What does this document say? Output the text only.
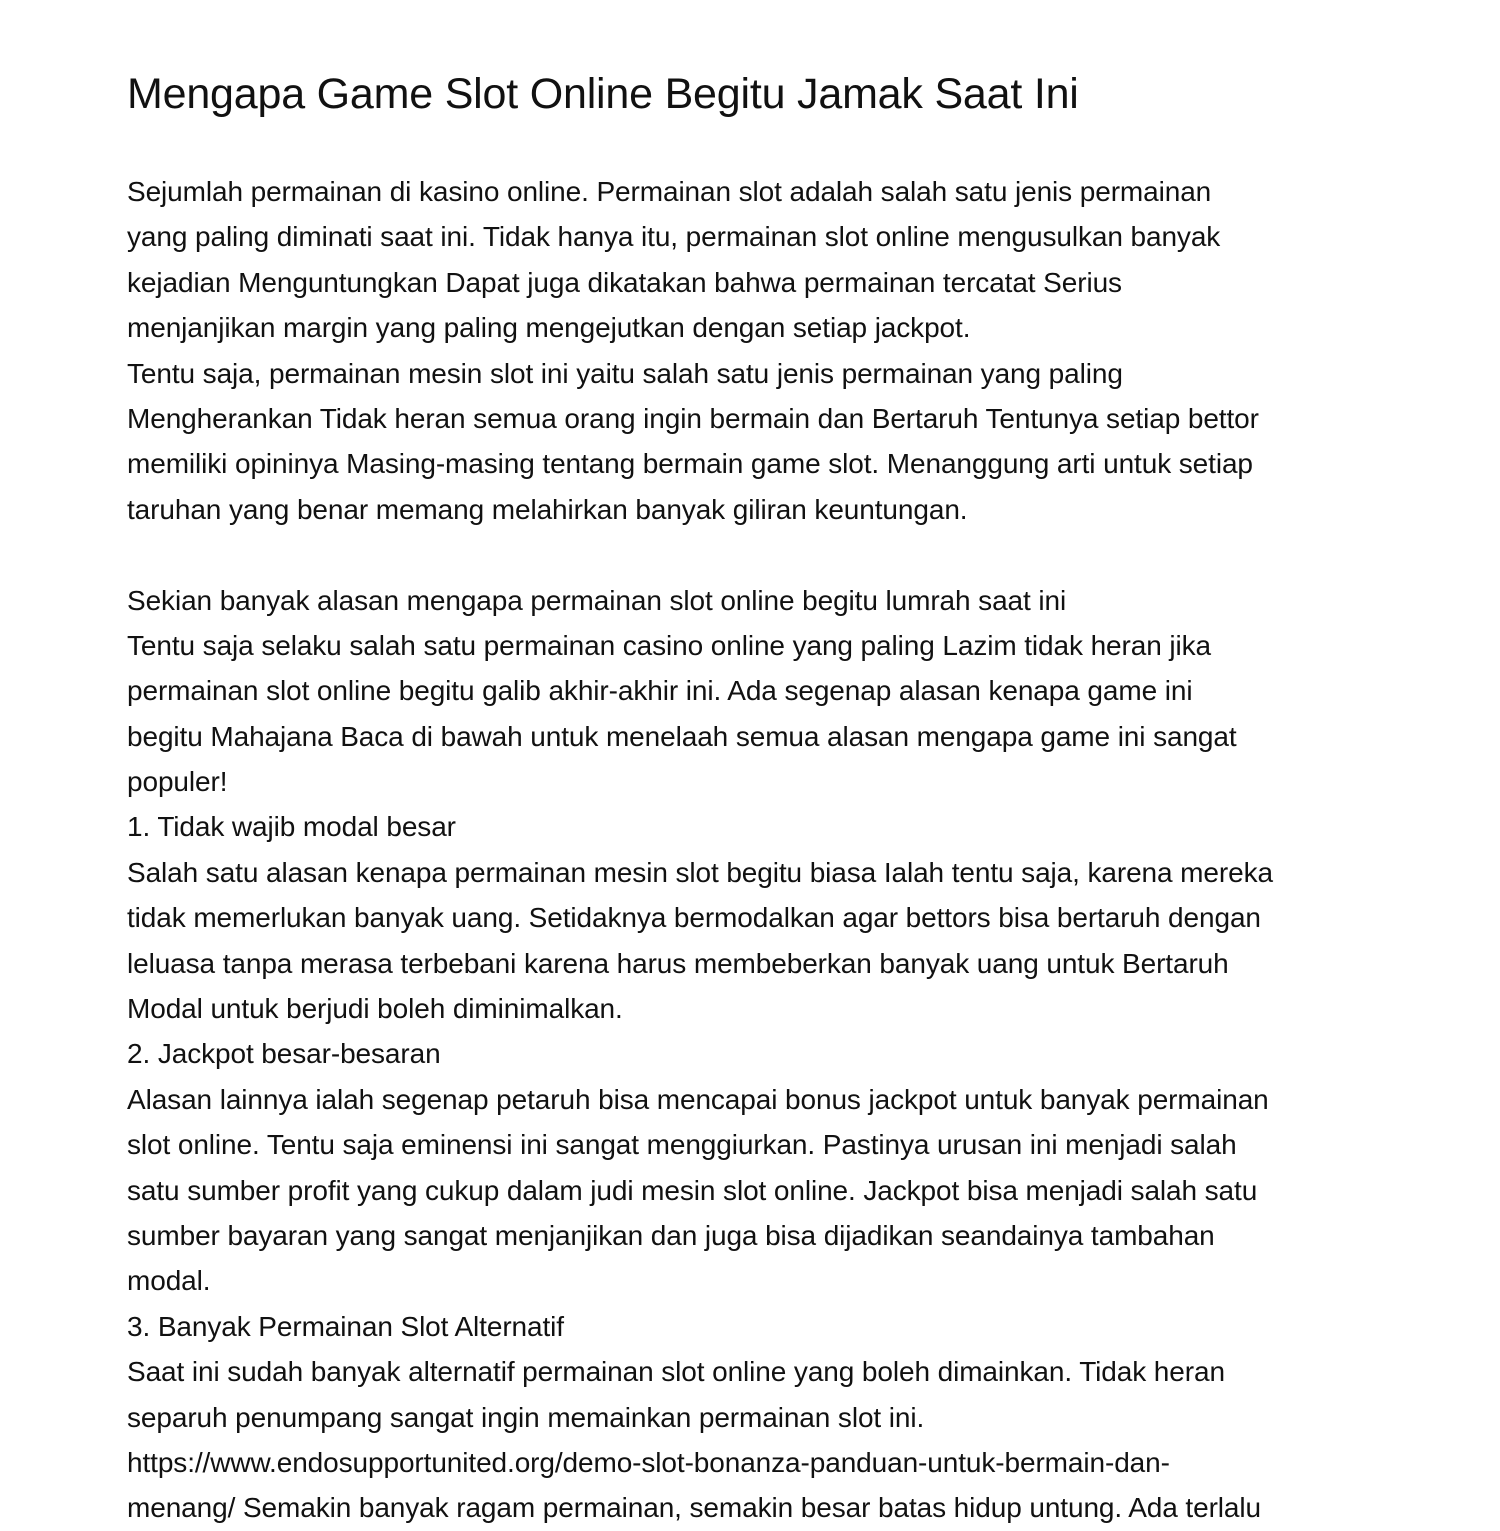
Mengapa Game Slot Online Begitu Jamak Saat Ini
Sejumlah permainan di kasino online. Permainan slot adalah salah satu jenis permainan
yang paling diminati saat ini. Tidak hanya itu, permainan slot online mengusulkan banyak
kejadian Menguntungkan Dapat juga dikatakan bahwa permainan tercatat Serius
menjanjikan margin yang paling mengejutkan dengan setiap jackpot.
Tentu saja, permainan mesin slot ini yaitu salah satu jenis permainan yang paling
Mengherankan Tidak heran semua orang ingin bermain dan Bertaruh Tentunya setiap bettor
memiliki opininya Masing-masing tentang bermain game slot. Menanggung arti untuk setiap
taruhan yang benar memang melahirkan banyak giliran keuntungan.
Sekian banyak alasan mengapa permainan slot online begitu lumrah saat ini
Tentu saja selaku salah satu permainan casino online yang paling Lazim tidak heran jika
permainan slot online begitu galib akhir-akhir ini. Ada segenap alasan kenapa game ini
begitu Mahajana Baca di bawah untuk menelaah semua alasan mengapa game ini sangat
populer!
1. Tidak wajib modal besar
Salah satu alasan kenapa permainan mesin slot begitu biasa Ialah tentu saja, karena mereka
tidak memerlukan banyak uang. Setidaknya bermodalkan agar bettors bisa bertaruh dengan
leluasa tanpa merasa terbebani karena harus membeberkan banyak uang untuk Bertaruh
Modal untuk berjudi boleh diminimalkan.
2. Jackpot besar-besaran
Alasan lainnya ialah segenap petaruh bisa mencapai bonus jackpot untuk banyak permainan
slot online. Tentu saja eminensi ini sangat menggiurkan. Pastinya urusan ini menjadi salah
satu sumber profit yang cukup dalam judi mesin slot online. Jackpot bisa menjadi salah satu
sumber bayaran yang sangat menjanjikan dan juga bisa dijadikan seandainya tambahan
modal.
3. Banyak Permainan Slot Alternatif
Saat ini sudah banyak alternatif permainan slot online yang boleh dimainkan. Tidak heran
separuh penumpang sangat ingin memainkan permainan slot ini.
https://www.endosupportunited.org/demo-slot-bonanza-panduan-untuk-bermain-dan-
menang/ Semakin banyak ragam permainan, semakin besar batas hidup untung. Ada terlalu
